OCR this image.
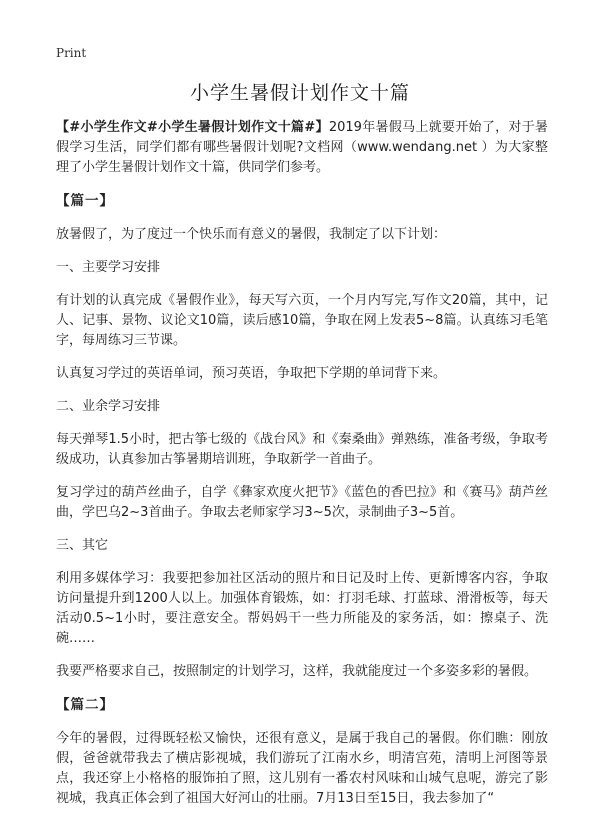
Print
小学生暑假计划作文十篇

【#小学生作文#小学生暑假计划作文十篇#】2019年暑假马上就要开始了，对于暑假学习生活，同学们都有哪些暑假计划呢?文档网（www.wendang.net ）为大家整理了小学生暑假计划作文十篇，供同学们参考。

【篇一】

放暑假了，为了度过一个快乐而有意义的暑假，我制定了以下计划：

一、主要学习安排

有计划的认真完成《暑假作业》，每天写六页，一个月内写完,写作文20篇，其中，记人、记事、景物、议论文10篇，读后感10篇，争取在网上发表5~8篇。认真练习毛笔字，每周练习三节课。

认真复习学过的英语单词，预习英语，争取把下学期的单词背下来。

二、业余学习安排

每天弹琴1.5小时，把古筝七级的《战台风》和《秦桑曲》弹熟练，准备考级，争取考级成功，认真参加古筝暑期培训班，争取新学一首曲子。

复习学过的葫芦丝曲子，自学《彝家欢度火把节》《蓝色的香巴拉》和《赛马》葫芦丝曲，学巴乌2~3首曲子。争取去老师家学习3~5次，录制曲子3~5首。

三、其它

利用多媒体学习：我要把参加社区活动的照片和日记及时上传、更新博客内容，争取访问量提升到1200人以上。加强体育锻炼，如：打羽毛球、打蓝球、滑滑板等，每天活动0.5~1小时，要注意安全。帮妈妈干一些力所能及的家务活，如：擦桌子、洗碗……

我要严格要求自己，按照制定的计划学习，这样，我就能度过一个多姿多彩的暑假。

【篇二】

今年的暑假，过得既轻松又愉快，还很有意义，是属于我自己的暑假。你们瞧：刚放假，爸爸就带我去了横店影视城，我们游玩了江南水乡，明清宫苑，清明上河图等景点，我还穿上小格格的服饰拍了照，这儿别有一番农村风味和山城气息呢，游完了影视城，我真正体会到了祖国大好河山的壮丽。7月13日至15日，我去参加了“
